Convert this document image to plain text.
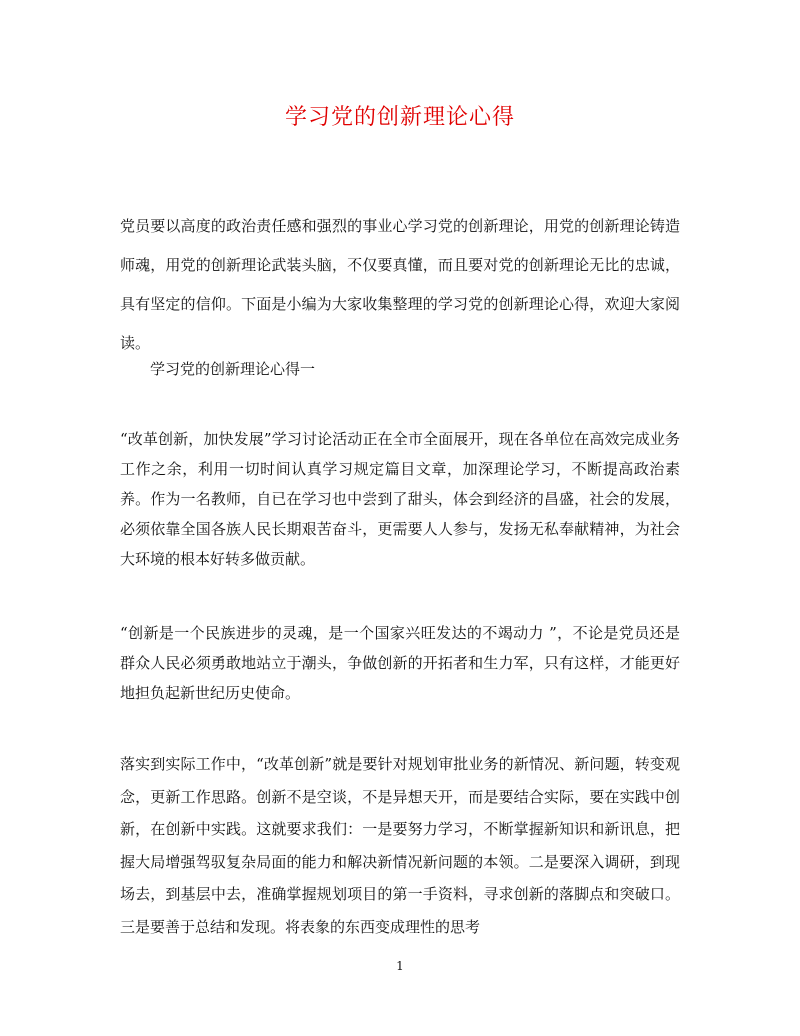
学习党的创新理论心得
党员要以高度的政治责任感和强烈的事业心学习党的创新理论，用党的创新理论铸造师魂，用党的创新理论武装头脑，不仅要真懂，而且要对党的创新理论无比的忠诚，具有坚定的信仰。下面是小编为大家收集整理的学习党的创新理论心得，欢迎大家阅读。
学习党的创新理论心得一
“改革创新，加快发展”学习讨论活动正在全市全面展开，现在各单位在高效完成业务工作之余，利用一切时间认真学习规定篇目文章，加深理论学习，不断提高政治素养。作为一名教师，自已在学习也中尝到了甜头，体会到经济的昌盛，社会的发展，必须依靠全国各族人民长期艰苦奋斗，更需要人人参与，发扬无私奉献精神，为社会大环境的根本好转多做贡献。
“创新是一个民族进步的灵魂，是一个国家兴旺发达的不竭动力 ”，不论是党员还是群众人民必须勇敢地站立于潮头，争做创新的开拓者和生力军，只有这样，才能更好地担负起新世纪历史使命。
落实到实际工作中，“改革创新”就是要针对规划审批业务的新情况、新问题，转变观念，更新工作思路。创新不是空谈，不是异想天开，而是要结合实际，要在实践中创新，在创新中实践。这就要求我们：一是要努力学习，不断掌握新知识和新讯息，把握大局增强驾驭复杂局面的能力和解决新情况新问题的本领。二是要深入调研，到现场去，到基层中去，准确掌握规划项目的第一手资料，寻求创新的落脚点和突破口。三是要善于总结和发现。将表象的东西变成理性的思考
1
